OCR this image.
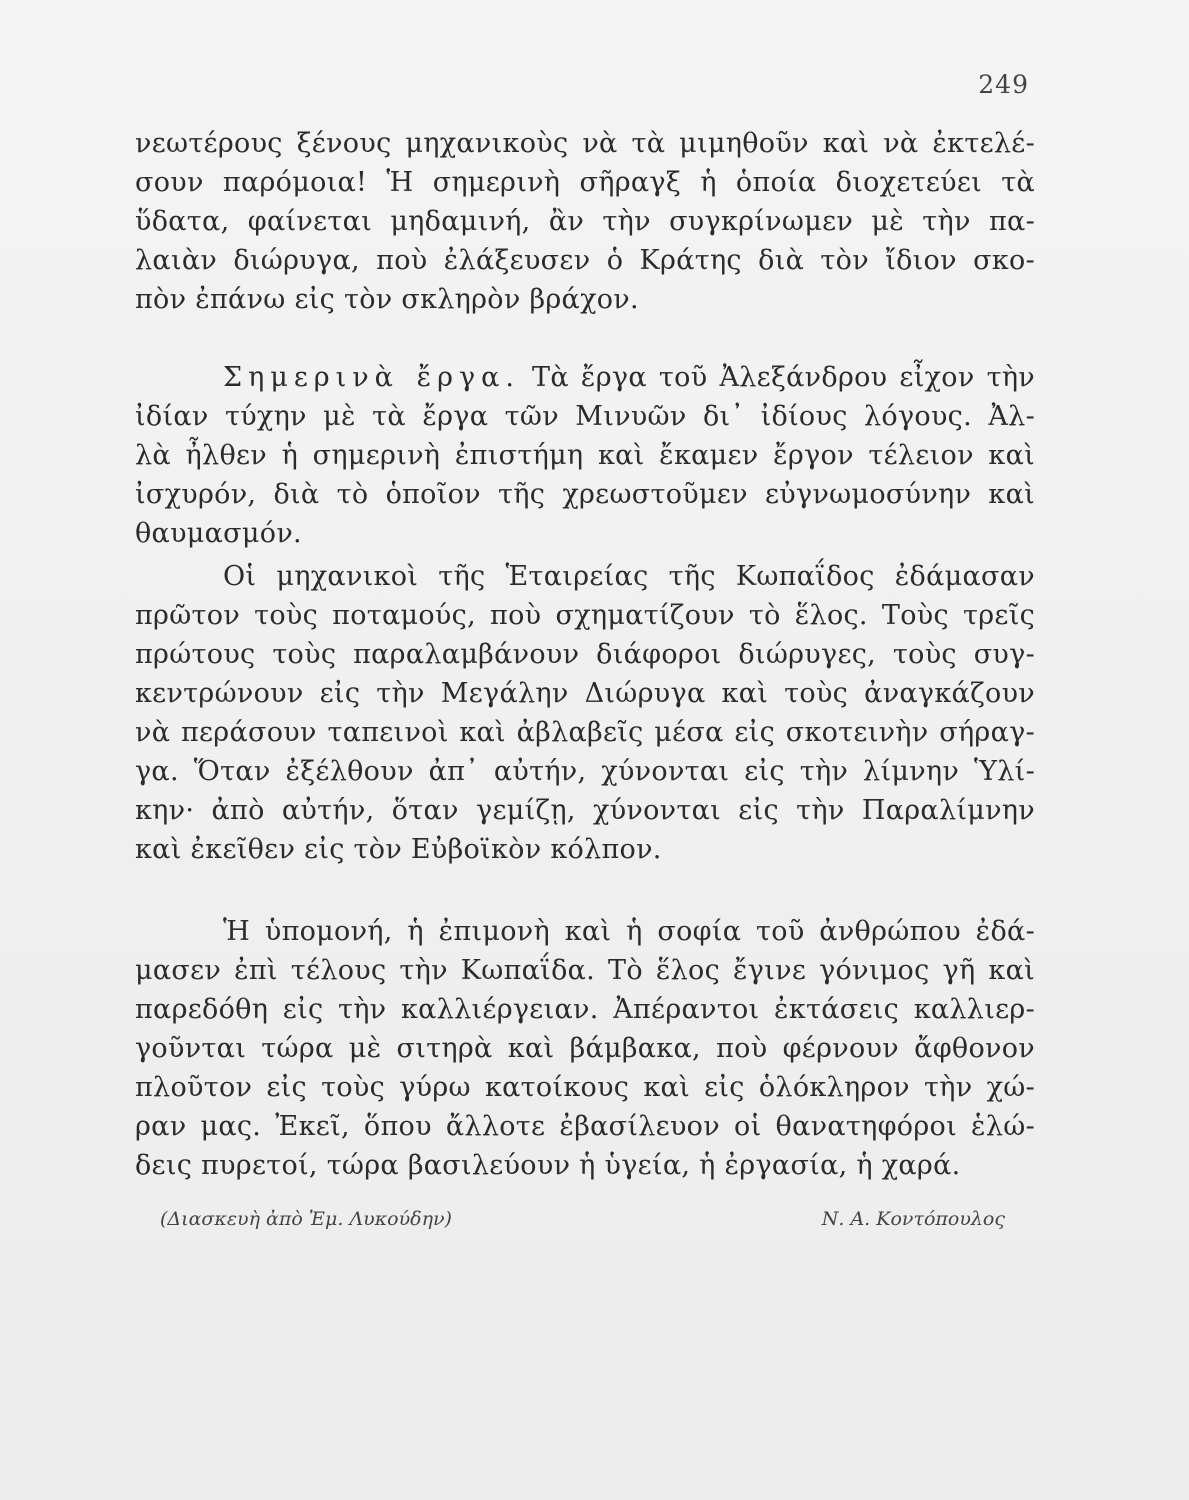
249
νεωτέρους ξένους μηχανικοὺς νὰ τὰ μιμηθοῦν καὶ νὰ ἐκτελέ-
σουν παρόμοια! Ἡ σημερινὴ σῆραγξ ἡ ὁποία διοχετεύει τὰ
ὕδατα, φαίνεται μηδαμινή, ἂν τὴν συγκρίνωμεν μὲ τὴν πα-
λαιὰν διώρυγα, ποὺ ἐλάξευσεν ὁ Κράτης διὰ τὸν ἴδιον σκο-
πὸν ἐπάνω εἰς τὸν σκληρὸν βράχον.
Σημερινὰ ἔργα. Τὰ ἔργα τοῦ Ἀλεξάνδρου εἶχον τὴν
ἰδίαν τύχην μὲ τὰ ἔργα τῶν Μινυῶν δι᾽ ἰδίους λόγους. Ἀλ-
λὰ ἦλθεν ἡ σημερινὴ ἐπιστήμη καὶ ἔκαμεν ἔργον τέλειον καὶ
ἰσχυρόν, διὰ τὸ ὁποῖον τῆς χρεωστοῦμεν εὐγνωμοσύνην καὶ
θαυμασμόν.
Οἱ μηχανικοὶ τῆς Ἑταιρείας τῆς Κωπαΐδος ἐδάμασαν
πρῶτον τοὺς ποταμούς, ποὺ σχηματίζουν τὸ ἕλος. Τοὺς τρεῖς
πρώτους τοὺς παραλαμβάνουν διάφοροι διώρυγες, τοὺς συγ-
κεντρώνουν εἰς τὴν Μεγάλην Διώρυγα καὶ τοὺς ἀναγκάζουν
νὰ περάσουν ταπεινοὶ καὶ ἀβλαβεῖς μέσα εἰς σκοτεινὴν σήραγ-
γα. Ὅταν ἐξέλθουν ἀπ᾽ αὐτήν, χύνονται εἰς τὴν λίμνην Ὑλί-
κην· ἀπὸ αὐτήν, ὅταν γεμίζῃ, χύνονται εἰς τὴν Παραλίμνην
καὶ ἐκεῖθεν εἰς τὸν Εὐβοϊκὸν κόλπον.
Ἡ ὑπομονή, ἡ ἐπιμονὴ καὶ ἡ σοφία τοῦ ἀνθρώπου ἐδά-
μασεν ἐπὶ τέλους τὴν Κωπαΐδα. Τὸ ἕλος ἔγινε γόνιμος γῆ καὶ
παρεδόθη εἰς τὴν καλλιέργειαν. Ἀπέραντοι ἐκτάσεις καλλιερ-
γοῦνται τώρα μὲ σιτηρὰ καὶ βάμβακα, ποὺ φέρνουν ἄφθονον
πλοῦτον εἰς τοὺς γύρω κατοίκους καὶ εἰς ὁλόκληρον τὴν χώ-
ραν μας. Ἐκεῖ, ὅπου ἄλλοτε ἐβασίλευον οἱ θανατηφόροι ἑλώ-
δεις πυρετοί, τώρα βασιλεύουν ἡ ὑγεία, ἡ ἐργασία, ἡ χαρά.
(Διασκευὴ ἀπὸ Ἐμ. Λυκούδην)	Ν. Α. Κοντόπουλος
